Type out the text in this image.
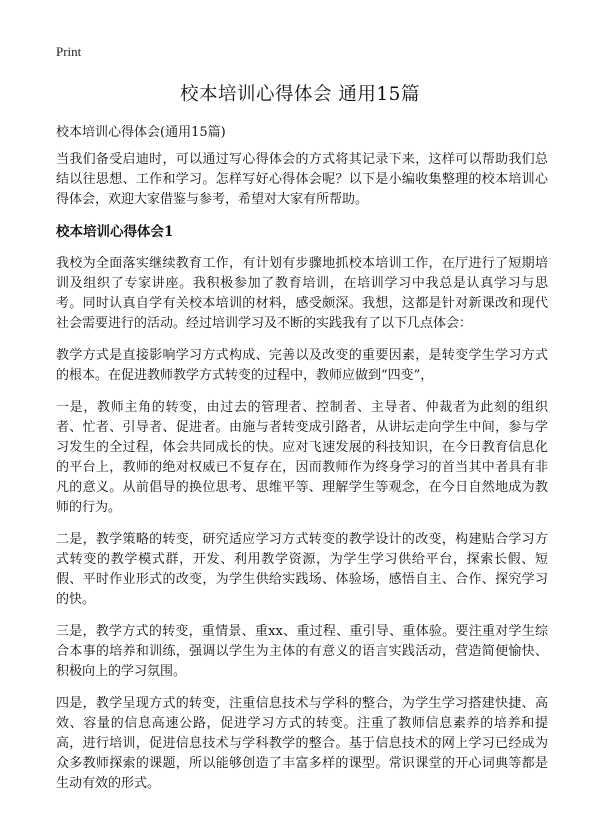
Print
校本培训心得体会 通用15篇
校本培训心得体会(通用15篇)

当我们备受启迪时，可以通过写心得体会的方式将其记录下来，这样可以帮助我们总结以往思想、工作和学习。怎样写好心得体会呢？以下是小编收集整理的校本培训心得体会，欢迎大家借鉴与参考，希望对大家有所帮助。

校本培训心得体会1

我校为全面落实继续教育工作，有计划有步骤地抓校本培训工作，在厅进行了短期培训及组织了专家讲座。我积极参加了教育培训，在培训学习中我总是认真学习与思考。同时认真自学有关校本培训的材料，感受颇深。我想，这都是针对新课改和现代社会需要进行的活动。经过培训学习及不断的实践我有了以下几点体会：

教学方式是直接影响学习方式构成、完善以及改变的重要因素，是转变学生学习方式的根本。在促进教师教学方式转变的过程中，教师应做到“四变”，

一是，教师主角的转变，由过去的管理者、控制者、主导者、仲裁者为此刻的组织者、忙者、引导者、促进者。由施与者转变成引路者，从讲坛走向学生中间，参与学习发生的全过程，体会共同成长的快。应对飞速发展的科技知识，在今日教育信息化的平台上，教师的绝对权威已不复存在，因而教师作为终身学习的首当其中者具有非凡的意义。从前倡导的换位思考、思维平等、理解学生等观念，在今日自然地成为教师的行为。

二是，教学策略的转变，研究适应学习方式转变的教学设计的改变，构建贴合学习方式转变的教学模式群，开发、利用教学资源，为学生学习供给平台，探索长假、短假、平时作业形式的改变，为学生供给实践场、体验场，感悟自主、合作、探究学习的快。

三是，教学方式的转变，重情景、重xx、重过程、重引导、重体验。要注重对学生综合本事的培养和训练，强调以学生为主体的有意义的语言实践活动，营造简便愉快、积极向上的学习氛围。

四是，教学呈现方式的转变，注重信息技术与学科的整合，为学生学习搭建快捷、高效、容量的信息高速公路，促进学习方式的转变。注重了教师信息素养的培养和提高，进行培训，促进信息技术与学科教学的整合。基于信息技术的网上学习已经成为众多教师探索的课题，所以能够创造了丰富多样的课型。常识课堂的开心词典等都是生动有效的形式。
